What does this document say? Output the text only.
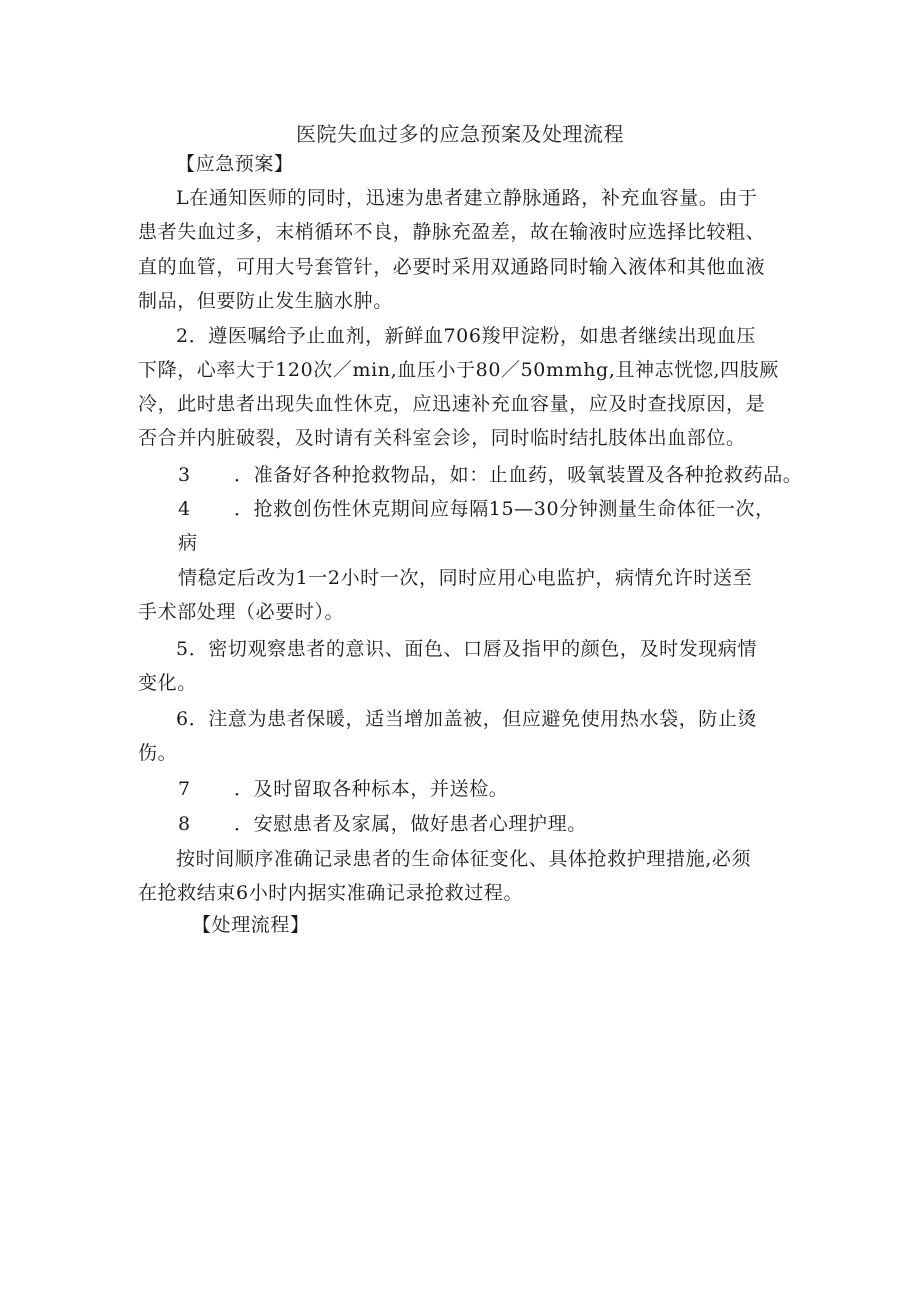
医院失血过多的应急预案及处理流程
【应急预案】
L在通知医师的同时，迅速为患者建立静脉通路，补充血容量。由于
患者失血过多，末梢循环不良，静脉充盈差，故在输液时应选择比较粗、
直的血管，可用大号套管针，必要时采用双通路同时输入液体和其他血液
制品，但要防止发生脑水肿。
2．遵医嘱给予止血剂，新鲜血706羧甲淀粉，如患者继续出现血压
下降，心率大于120次／min,血压小于80／50mmhg,且神志恍惚,四肢厥
冷，此时患者出现失血性休克，应迅速补充血容量，应及时查找原因，是
否合并内脏破裂，及时请有关科室会诊，同时临时结扎肢体出血部位。
3 ．准备好各种抢救物品，如：止血药，吸氧装置及各种抢救药品。
4 ．抢救创伤性休克期间应每隔15—30分钟测量生命体征一次，
病
情稳定后改为1一2小时一次，同时应用心电监护，病情允许时送至
手术部处理（必要时）。
5．密切观察患者的意识、面色、口唇及指甲的颜色，及时发现病情
变化。
6．注意为患者保暖，适当增加盖被，但应避免使用热水袋，防止烫
伤。
7 ．及时留取各种标本，并送检。
8 ．安慰患者及家属，做好患者心理护理。
按时间顺序准确记录患者的生命体征变化、具体抢救护理措施,必须
在抢救结束6小时内据实准确记录抢救过程。
【处理流程】
